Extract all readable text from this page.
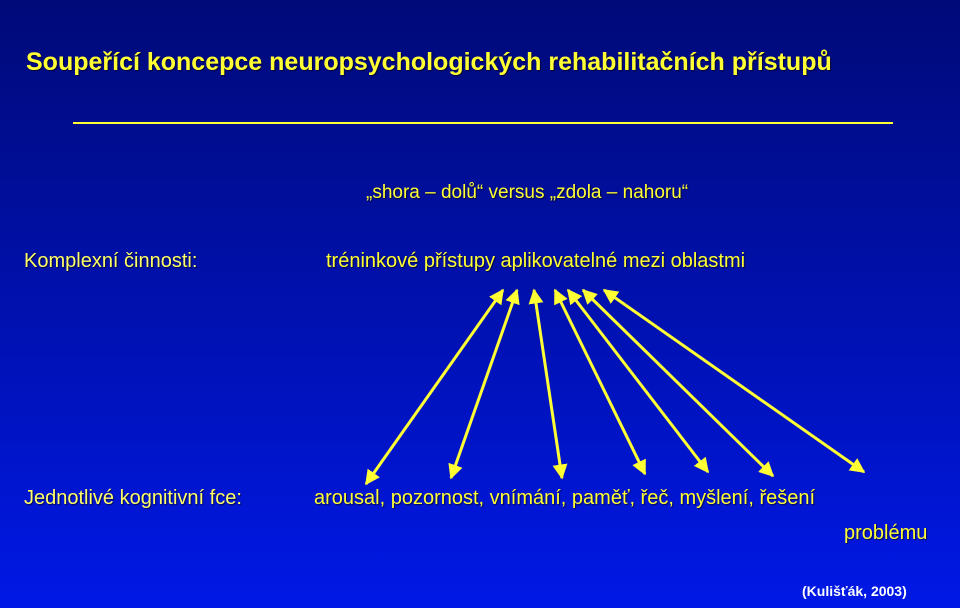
Soupeřící koncepce neuropsychologických rehabilitačních přístupů
„shora – dolů“ versus „zdola – nahoru“
Komplexní činnosti:	tréninkové přístupy aplikovatelné mezi oblastmi
Jednotlivé kognitivní fce:	arousal, pozornost, vnímání, paměť, řeč, myšlení, řešení
problému
(Kulišťák, 2003)
